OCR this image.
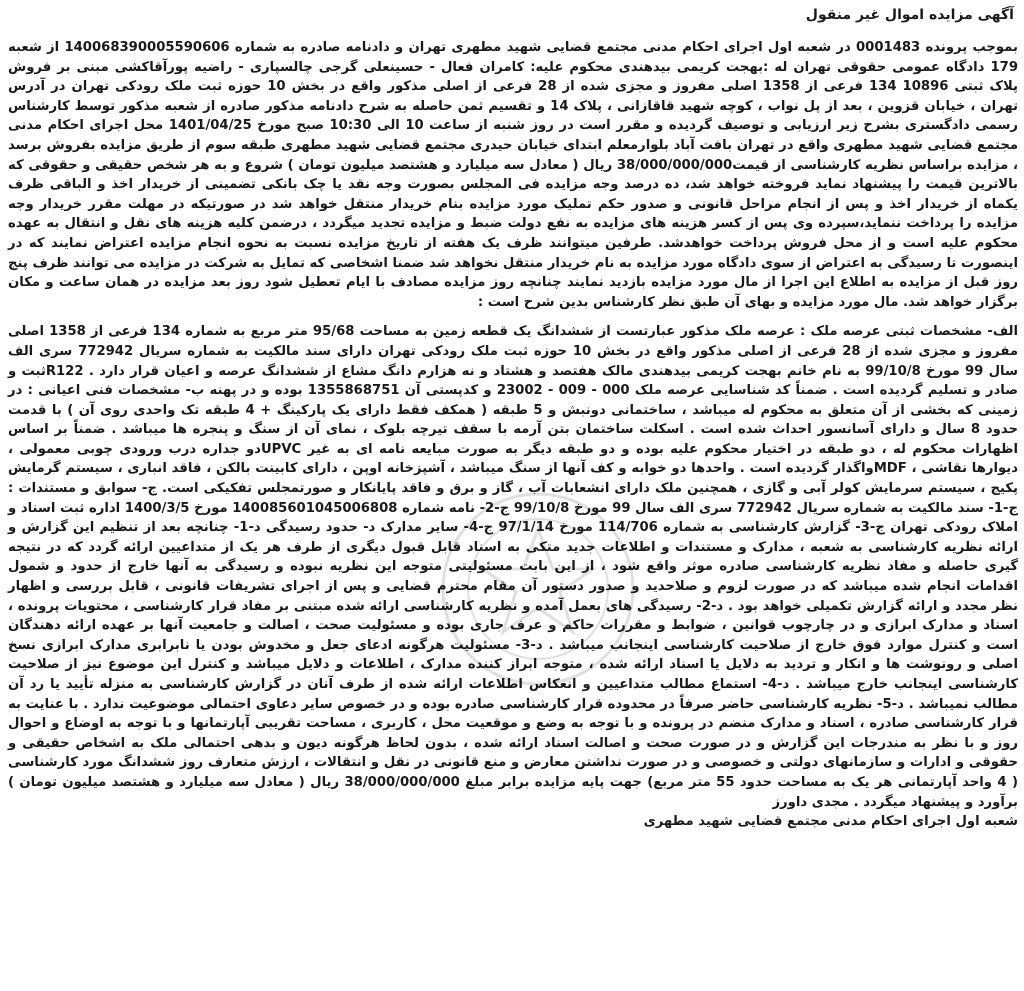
آگهی مزایده اموال غیر منقول

بموجب پرونده 0001483 در شعبه اول اجرای احکام مدنی مجتمع قضایی شهید مطهری تهران و دادنامه صادره به شماره 140068390005590606 از شعبه 179 دادگاه عمومی حقوقی تهران له :بهجت کریمی بیدهندی محکوم علیه: کامران فعال - حسینعلی گرجی چالسپاری - راضیه پورآقاکشی مبنی بر فروش پلاک ثبتی 10896 134 فرعی از 1358 اصلی مفروز و مجزی شده از 28 فرعی از اصلی مذکور واقع در بخش 10 حوزه ثبت ملک رودکی تهران در آدرس تهران ، خیابان قزوین ، بعد از پل نواب ، کوچه شهید قاقازانی ، پلاک 14 و تقسیم ثمن حاصله به شرح دادنامه مذکور صادره از شعبه مذکور توسط کارشناس رسمی دادگستری بشرح زیر ارزیابی و توصیف گردیده و مقرر است در روز شنبه از ساعت 10 الی 10:30 صبح مورخ 1401/04/25 محل اجرای احکام مدنی مجتمع قضایی شهید مطهری واقع در تهران بافت آباد بلوارمعلم ابتدای خیابان حیدری مجتمع قضایی شهید مطهری طبقه سوم از طریق مزایده بفروش برسد ، مزایده براساس نظریه کارشناسی از قیمت38/000/000/000 ریال ( معادل سه میلیارد و هشتصد میلیون تومان ) شروع و به هر شخص حقیقی و حقوقی که بالاترین قیمت را پیشنهاد نماید فروخته خواهد شد، ده درصد وجه مزایده فی المجلس بصورت وجه نقد یا چک بانکی تضمینی از خریدار اخذ و الباقی ظرف یکماه از خریدار اخذ و پس از انجام مراحل قانونی و صدور حکم تملیک مورد مزایده بنام خریدار منتقل خواهد شد در صورتیکه در مهلت مقرر خریدار وجه مزایده را پرداخت ننماید،سپرده وی پس از کسر هزینه های مزایده به نفع دولت ضبط و مزایده تجدید میگردد ، درضمن کلیه هزینه های نقل و انتقال به عهده محکوم علیه است و از محل فروش پرداخت خواهدشد. طرفین میتوانند ظرف یک هفته از تاریخ مزایده نسبت به نحوه انجام مزایده اعتراض نمایند که در اینصورت تا رسیدگی به اعتراض از سوی دادگاه مورد مزایده به نام خریدار منتقل نخواهد شد ضمنا اشخاصی که تمایل به شرکت در مزایده می توانند ظرف پنج روز قبل از مزایده به اطلاع این اجرا از مال مورد مزایده بازدید نمایند چنانچه روز مزایده مصادف با ایام تعطیل شود روز بعد مزایده در همان ساعت و مکان برگزار خواهد شد. مال مورد مزایده و بهای آن طبق نظر کارشناس بدین شرح است :

الف- مشخصات ثبتی عرصه ملک : عرصه ملک مذکور عبارتست از ششدانگ یک قطعه زمین به مساحت 95/68 متر مربع به شماره 134 فرعی از 1358 اصلی مفروز و مجزی شده از 28 فرعی از اصلی مذکور واقع در بخش 10 حوزه ثبت ملک رودکی تهران دارای سند مالکیت به شماره سریال 772942 سری الف سال 99 مورخ 99/10/8 به نام خانم بهجت کریمی بیدهندی مالک هفتصد و هشتاد و نه هزارم دانگ مشاع از ششدانگ عرصه و اعیان قرار دارد . R122ثبت و صادر و تسلیم گردیده است . ضمناً کد شناسایی عرصه ملک 000 - 009 - 23002 و کدپستی آن 1355868751 بوده و در پهنه ب- مشخصات فنی اعیانی : در زمینی که بخشی از آن متعلق به محکوم له میباشد ، ساختمانی دونبش و 5 طبقه ( همکف فقط دارای یک پارکینگ + 4 طبقه تک واحدی روی آن ) با قدمت حدود 8 سال و دارای آسانسور احداث شده است . اسکلت ساختمان بتن آرمه با سقف تیرچه بلوک ، نمای آن از سنگ و پنجره ها میباشد . ضمناً بر اساس اظهارات محکوم له ، دو طبقه در اختیار محکوم علیه بوده و دو طبقه دیگر به صورت مبایعه نامه ای به غیر UPVCدو جداره درب ورودی چوبی معمولی ، دیوارها نقاشی ، MDFواگذار گردیده است . واحدها دو خوابه و کف آنها از سنگ میباشد ، آشپزخانه اوپن ، دارای کابینت بالکن ، فاقد انباری ، سیستم گرمایش پکیج ، سیستم سرمایش کولر آبی و گازی ، همچنین ملک دارای انشعابات آب ، گاز و برق و فاقد پایانکار و صورتمجلس تفکیکی است. ج- سوابق و مستندات : ج-1- سند مالکیت به شماره سریال 772942 سری الف سال 99 مورخ 99/10/8 ج-2- نامه شماره 140085601045006808 مورخ 1400/3/5 اداره ثبت اسناد و املاک رودکی تهران ج-3- گزارش کارشناسی به شماره 114/706 مورخ 97/1/14 ج-4- سایر مدارک د- حدود رسیدگی د-1- چنانچه بعد از تنظیم این گزارش و ارائه نظریه کارشناسی به شعبه ، مدارک و مستندات و اطلاعات جدید متکی به اسناد قابل قبول دیگری از طرف هر یک از متداعیین ارائه گردد که در نتیجه گیری حاصله و مفاد نظریه کارشناسی صادره موثر واقع شود ، از این بابت مسئولیتی متوجه این نظریه نبوده و رسیدگی به آنها خارج از حدود و شمول اقدامات انجام شده میباشد که در صورت لزوم و صلاحدید و صدور دستور آن مقام محترم قضایی و پس از اجرای تشریفات قانونی ، قابل بررسی و اظهار نظر مجدد و ارائه گزارش تکمیلی خواهد بود . د-2- رسیدگی های بعمل آمده و نظریه کارشناسی ارائه شده مبتنی بر مفاد قرار کارشناسی ، محتویات پرونده ، اسناد و مدارک ابرازی و در چارچوب قوانین ، ضوابط و مقررات حاکم و عرف جاری بوده و مسئولیت صحت ، اصالت و جامعیت آنها بر عهده ارائه دهندگان است و کنترل موارد فوق خارج از صلاحیت کارشناسی اینجانب میباشد . د-3- مسئولیت هرگونه ادعای جعل و مخدوش بودن یا نابرابری مدارک ابرازی نسخ اصلی و رونوشت ها و انکار و تردید به دلایل یا اسناد ارائه شده ، متوجه ابراز کننده مدارک ، اطلاعات و دلایل میباشد و کنترل این موضوع نیز از صلاحیت کارشناسی اینجانب خارج میباشد . د-4- استماع مطالب متداعیین و انعکاس اطلاعات ارائه شده از طرف آنان در گزارش کارشناسی به منزله تأیید یا رد آن مطالب نمیباشد . د-5- نظریه کارشناسی حاضر صرفاً در محدوده قرار کارشناسی صادره بوده و در خصوص سایر دعاوی احتمالی موضوعیت ندارد . با عنایت به قرار کارشناسی صادره ، اسناد و مدارک منضم در پرونده و با توجه به وضع و موقعیت محل ، کاربری ، مساحت تقریبی آپارتمانها و با توجه به اوضاع و احوال روز و با نظر به مندرجات این گزارش و در صورت صحت و اصالت اسناد ارائه شده ، بدون لحاظ هرگونه دیون و بدهی احتمالی ملک به اشخاص حقیقی و حقوقی و ادارات و سازمانهای دولتی و خصوصی و در صورت نداشتن معارض و منع قانونی در نقل و انتقالات ، ارزش متعارف روز ششدانگ مورد کارشناسی ( 4 واحد آپارتمانی هر یک به مساحت حدود 55 متر مربع) جهت پایه مزایده برابر مبلغ 38/000/000/000 ریال ( معادل سه میلیارد و هشتصد میلیون تومان ) برآورد و پیشنهاد میگردد . مجدی داورز

شعبه اول اجرای احکام مدنی مجتمع قضایی شهید مطهری
